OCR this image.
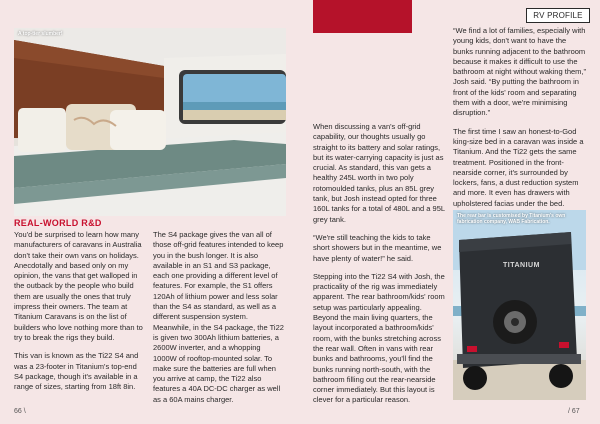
A top-tier slumber!
RV PROFILE
REAL-WORLD R&D

You'd be surprised to learn how many manufacturers of caravans in Australia don't take their own vans on holidays. Anecdotally and based only on my opinion, the vans that get walloped in the outback by the people who build them are usually the ones that truly impress their owners. The team at Titanium Caravans is on the list of builders who love nothing more than to try to break the rigs they build.

This van is known as the Ti22 S4 and was a 23-footer in Titanium's top-end S4 package, though it's available in a range of sizes, starting from 18ft 8in.

The S4 package gives the van all of those off-grid features intended to keep you in the bush longer. It is also available in an S1 and S3 package, each one providing a different level of features. For example, the S1 offers 120Ah of lithium power and less solar than the S4 as standard, as well as a different suspension system. Meanwhile, in the S4 package, the Ti22 is given two 300Ah lithium batteries, a 2600W inverter, and a whopping 1000W of rooftop-mounted solar. To make sure the batteries are full when you arrive at camp, the Ti22 also features a 40A DC-DC charger as well as a 60A mains charger.

When discussing a van's off-grid capability, our thoughts usually go straight to its battery and solar ratings, but its water-carrying capacity is just as crucial. As standard, this van gets a healthy 245L worth in two poly rotomoulded tanks, plus an 85L grey tank, but Josh instead opted for three 160L tanks for a total of 480L and a 95L grey tank.

“We're still teaching the kids to take short showers but in the meantime, we have plenty of water!” he said.

Stepping into the Ti22 S4 with Josh, the practicality of the rig was immediately apparent. The rear bathroom/kids' room setup was particularly appealing. Beyond the main living quarters, the layout incorporated a bathroom/kids' room, with the bunks stretching across the rear wall. Often in vans with rear bunks and bathrooms, you'll find the bunks running north-south, with the bathroom filling out the rear-nearside corner immediately. But this layout is clever for a particular reason.

“We find a lot of families, especially with young kids, don't want to have the bunks running adjacent to the bathroom because it makes it difficult to use the bathroom at night without waking them,” Josh said. “By putting the bathroom in front of the kids' room and separating them with a door, we're minimising disruption.”

The first time I saw an honest-to-God king-size bed in a caravan was inside a Titanium. And the Ti22 gets the same treatment. Positioned in the front-nearside corner, it's surrounded by lockers, fans, a dust reduction system and more. It even has drawers with upholstered facias under the bed.

TITANIUM
The rear bar is customised by Titanium's own fabrication company, WAB Fabrication.
66 \	/ 67
